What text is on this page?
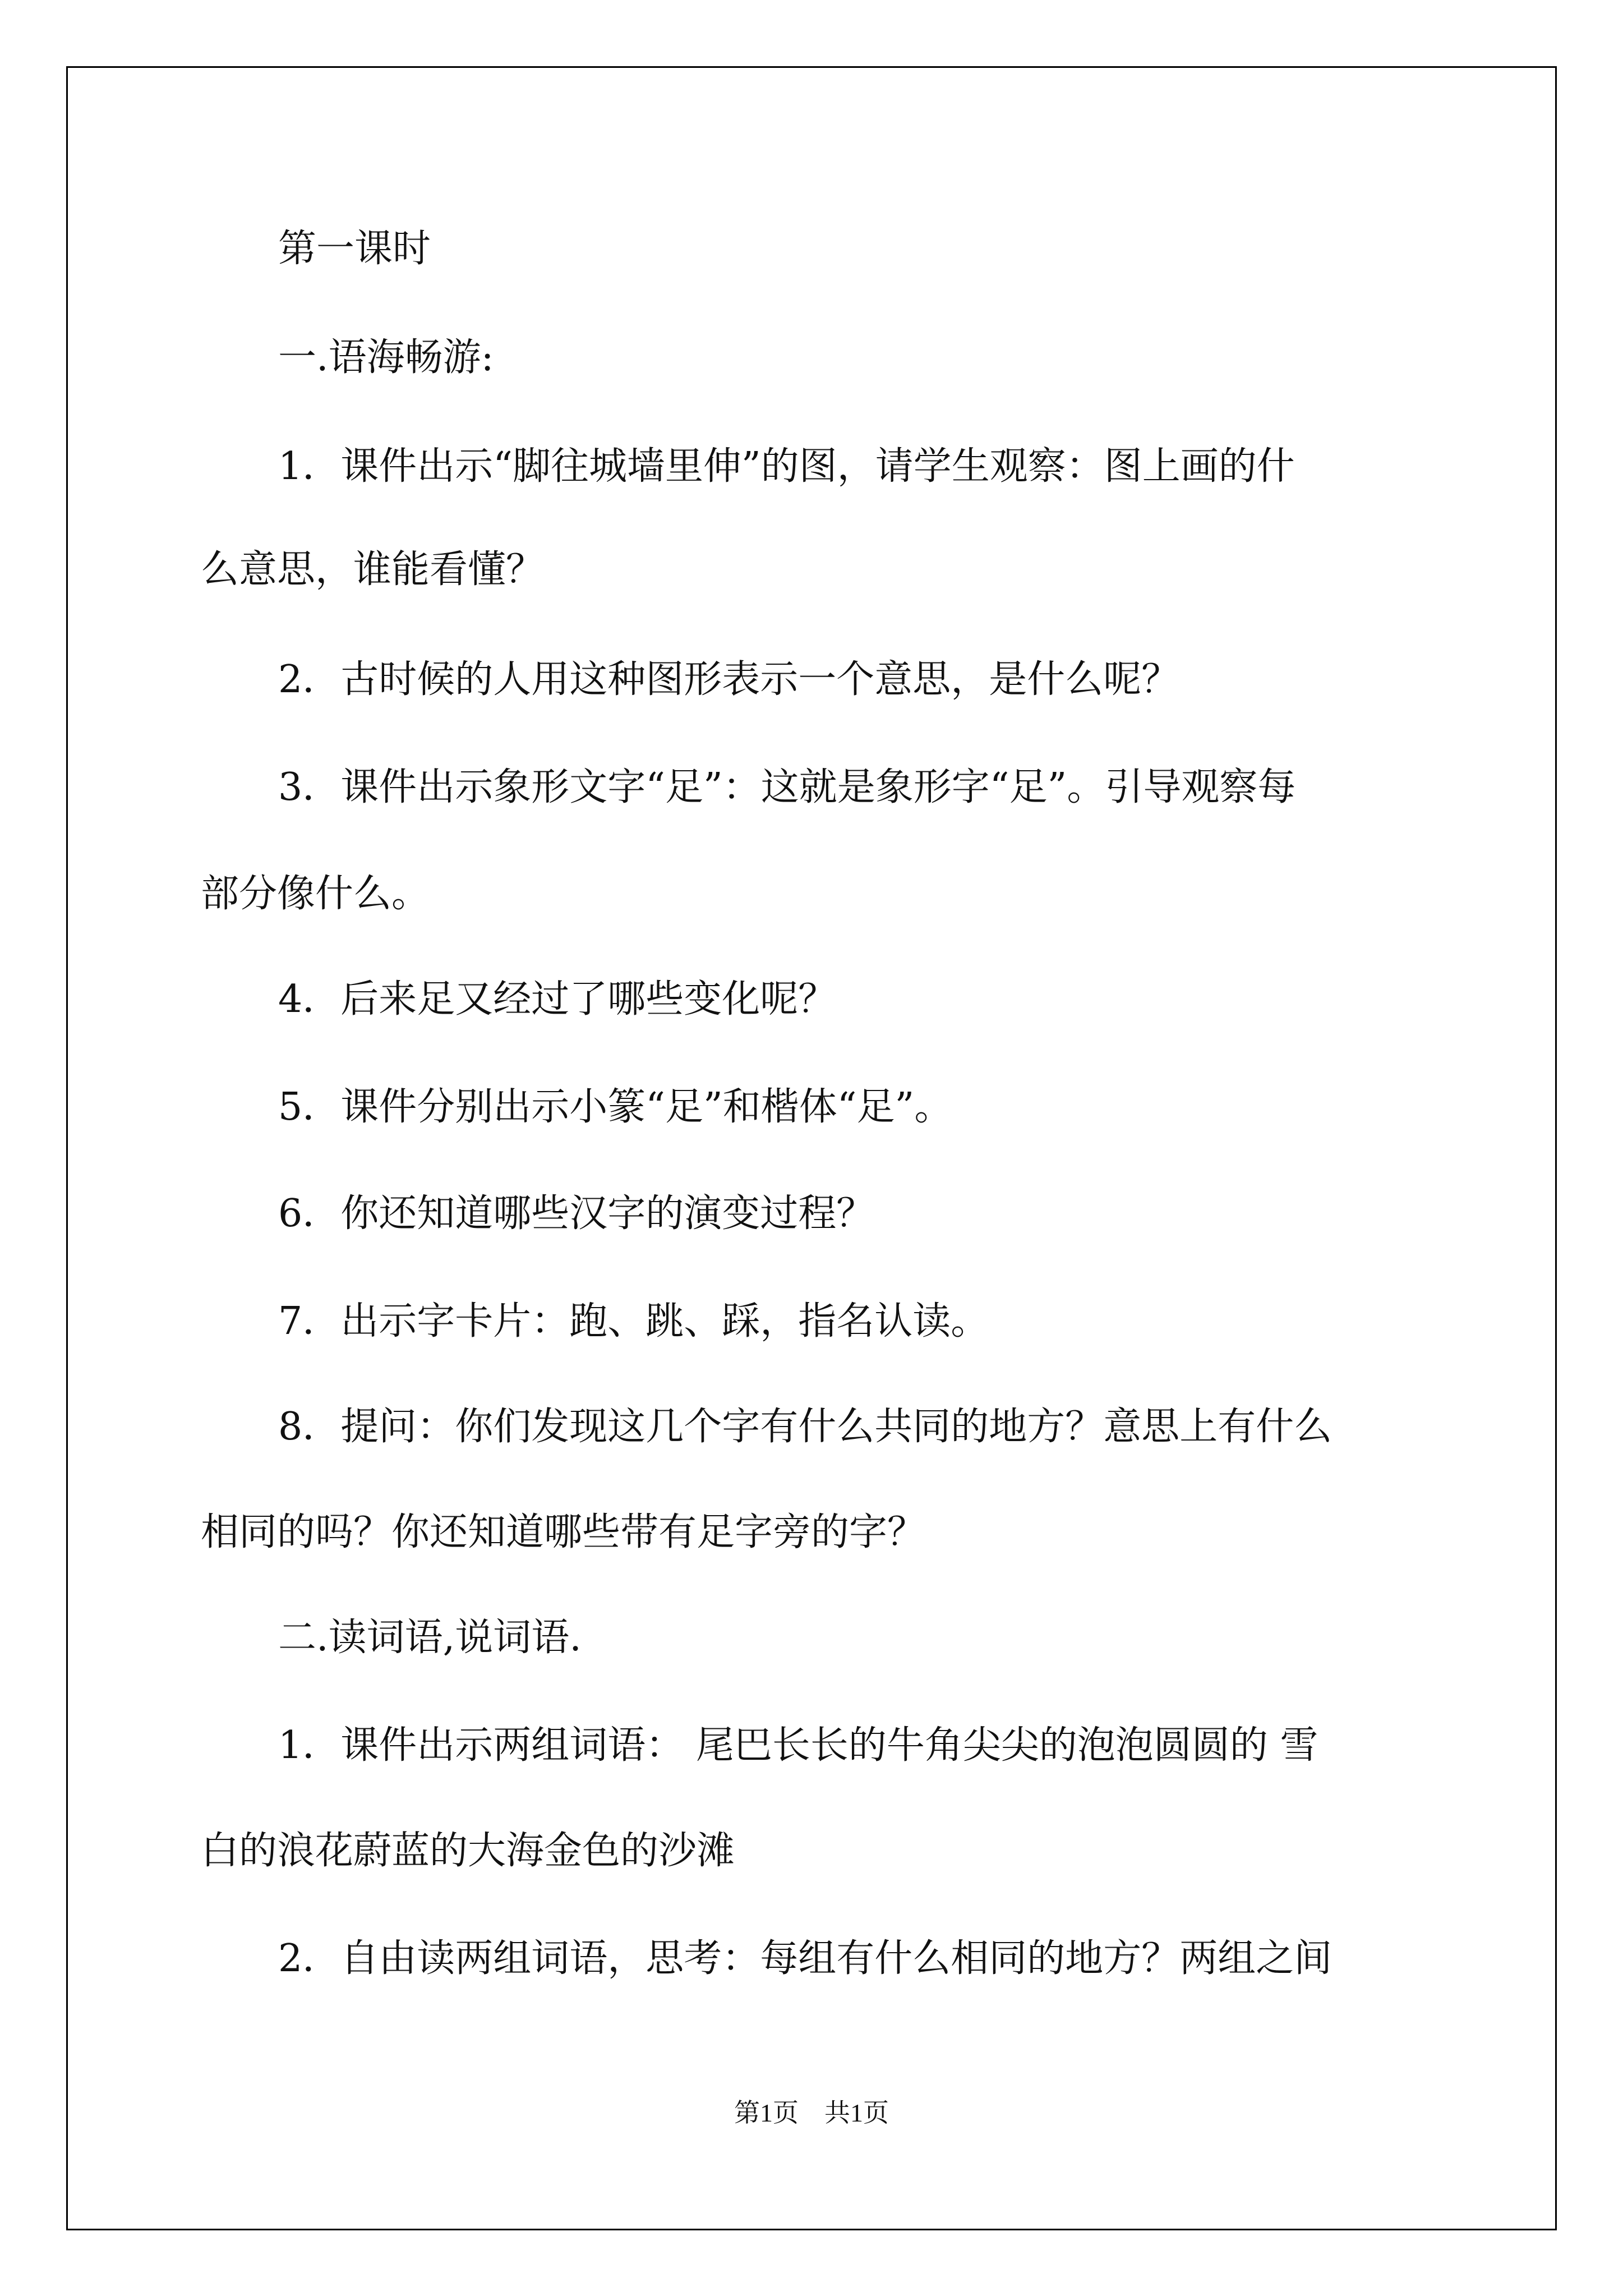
第一课时

一.语海畅游:

1．课件出示“脚往城墙里伸”的图，请学生观察：图上画的什

么意思，谁能看懂？

2．古时候的人用这种图形表示一个意思，是什么呢？

3．课件出示象形文字“足”：这就是象形字“足”。引导观察每

部分像什么。

4．后来足又经过了哪些变化呢？

5．课件分别出示小篆“足”和楷体“足”。

6．你还知道哪些汉字的演变过程？

7．出示字卡片：跑、跳、踩，指名认读。

8．提问：你们发现这几个字有什么共同的地方？意思上有什么

相同的吗？你还知道哪些带有足字旁的字？

二.读词语,说词语.

1．课件出示两组词语： 尾巴长长的牛角尖尖的泡泡圆圆的 雪

白的浪花蔚蓝的大海金色的沙滩

2．自由读两组词语，思考：每组有什么相同的地方？两组之间

第1页　共1页
